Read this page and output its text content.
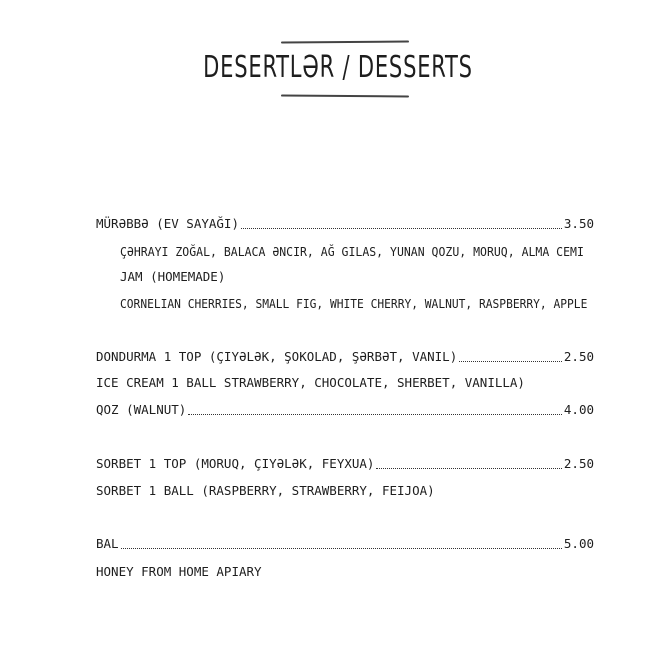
DESERTLƏR / DESSERTS
MÜRƏBBƏ (EV SAYAĞI)	3.50
ÇƏHRAYI ZOĞAL, BALACA ƏNCIR, AĞ GILAS, YUNAN QOZU, MORUQ, ALMA CEMI
JAM (HOMEMADE)
CORNELIAN CHERRIES, SMALL FIG, WHITE CHERRY, WALNUT, RASPBERRY, APPLE
DONDURMA 1 TOP (ÇIYƏLƏK, ŞOKOLAD, ŞƏRBƏT, VANIL)	2.50
ICE CREAM 1 BALL STRAWBERRY, CHOCOLATE, SHERBET, VANILLA)
QOZ (WALNUT)	4.00
SORBET 1 TOP (MORUQ, ÇIYƏLƏK, FEYXUA)	2.50
SORBET 1 BALL (RASPBERRY, STRAWBERRY, FEIJOA)
BAL	5.00
HONEY FROM HOME APIARY
